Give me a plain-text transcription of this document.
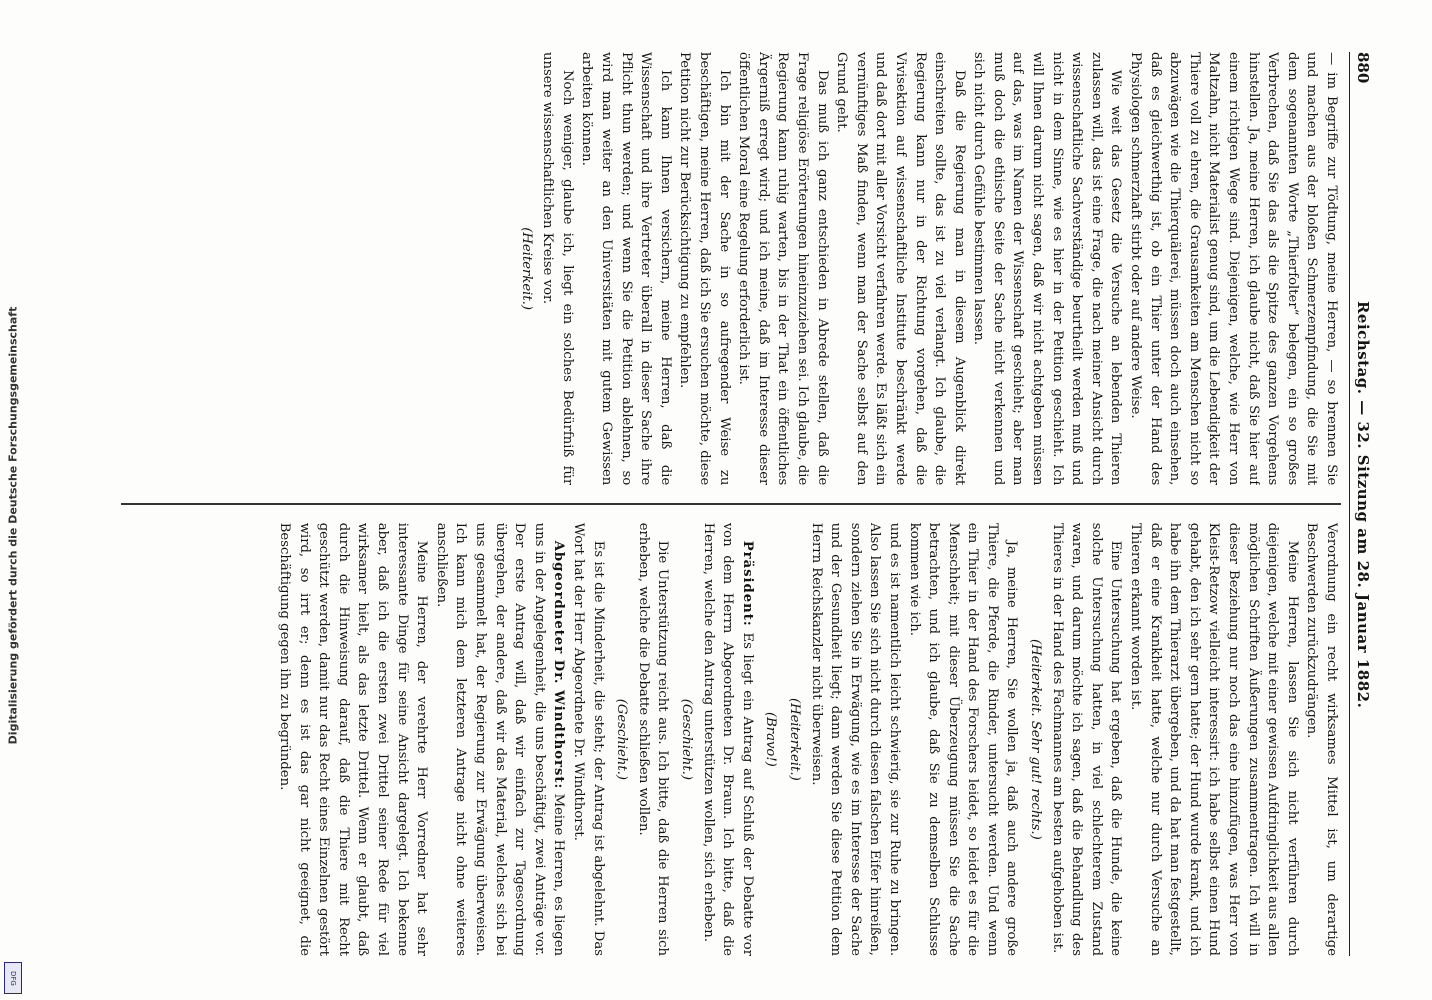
880
Reichstag. — 32. Sitzung am 28. Januar 1882.

— im Begriffe zur Tödtung, meine Herren, — so brennen Sie und machen aus der bloßen Schmerzempfindung, die Sie mit dem sogenannten Worte „Thierfolter“ belegen, ein so großes Verbrechen, daß Sie das als die Spitze des ganzen Vorgehens hinstellen. Ja, meine Herren, ich glaube nicht, daß Sie hier auf einem richtigen Wege sind. Diejenigen, welche, wie Herr von Maltzahn, nicht Materialist genug sind, um die Lebendigkeit der Thiere voll zu ehren, die Grausamkeiten am Menschen nicht so abzuwägen wie die Thierquälerei, müssen doch auch einsehen, daß es gleichwerthig ist, ob ein Thier unter der Hand des Physiologen schmerzhaft stirbt oder auf andere Weise.

Wie weit das Gesetz die Versuche an lebenden Thieren zulassen will, das ist eine Frage, die nach meiner Ansicht durch wissenschaftliche Sachverständige beurtheilt werden muß und nicht in dem Sinne, wie es hier in der Petition geschieht. Ich will Ihnen darum nicht sagen, daß wir nicht achtgeben müssen auf das, was im Namen der Wissenschaft geschieht; aber man muß doch die ethische Seite der Sache nicht verkennen und sich nicht durch Gefühle bestimmen lassen.

Daß die Regierung man in diesem Augenblick direkt einschreiten sollte, das ist zu viel verlangt. Ich glaube, die Regierung kann nur in der Richtung vorgehen, daß die Vivisektion auf wissenschaftliche Institute beschränkt werde und daß dort mit aller Vorsicht verfahren werde. Es läßt sich ein vernünftiges Maß finden, wenn man der Sache selbst auf den Grund geht.

Das muß ich ganz entschieden in Abrede stellen, daß die Frage religiöse Erörterungen hineinzuziehen sei. Ich glaube, die Regierung kann ruhig warten, bis in der That ein öffentliches Ärgerniß erregt wird; und ich meine, daß im Interesse dieser öffentlichen Moral eine Regelung erforderlich ist.

Ich bin mit der Sache in so aufregender Weise zu beschäftigen, meine Herren, daß ich Sie ersuchen möchte, diese Petition nicht zur Berücksichtigung zu empfehlen.

Ich kann Ihnen versichern, meine Herren, daß die Wissenschaft und ihre Vertreter überall in dieser Sache ihre Pflicht thun werden; und wenn Sie die Petition ablehnen, so wird man weiter an den Universitäten mit gutem Gewissen arbeiten können.

Noch weniger, glaube ich, liegt ein solches Bedürfniß für unsere wissenschaftlichen Kreise vor.

(Heiterkeit.)

Verordnung ein recht wirksames Mittel ist, um derartige Beschwerden zurückzudrängen.

Meine Herren, lassen Sie sich nicht verführen durch diejenigen, welche mit einer gewissen Aufdringlichkeit aus allen möglichen Schriften Äußerungen zusammentragen. Ich will in dieser Beziehung nur noch das eine hinzufügen, was Herr von Kleist-Retzow vielleicht interessirt: ich habe selbst einen Hund gehabt, den ich sehr gern hatte; der Hund wurde krank, und ich habe ihn dem Thierarzt übergeben, und da hat man festgestellt, daß er eine Krankheit hatte, welche nur durch Versuche an Thieren erkannt worden ist.

Eine Untersuchung hat ergeben, daß die Hunde, die keine solche Untersuchung hatten, in viel schlechterem Zustand waren, und darum möchte ich sagen, daß die Behandlung des Thieres in der Hand des Fachmannes am besten aufgehoben ist.

(Heiterkeit. Sehr gut! rechts.)

Ja, meine Herren, Sie wollen ja, daß auch andere große Thiere, die Pferde, die Rinder, untersucht werden. Und wenn ein Thier in der Hand des Forschers leidet, so leidet es für die Menschheit; mit dieser Überzeugung müssen Sie die Sache betrachten, und ich glaube, daß Sie zu demselben Schlusse kommen wie ich.

und es ist namentlich leicht schwierig, sie zur Ruhe zu bringen. Also lassen Sie sich nicht durch diesen falschen Eifer hinreißen, sondern ziehen Sie in Erwägung, wie es im Interesse der Sache und der Gesundheit liegt; dann werden Sie diese Petition dem Herrn Reichskanzler nicht überweisen.

(Heiterkeit.)

(Bravo!)

Präsident: Es liegt ein Antrag auf Schluß der Debatte vor von dem Herrn Abgeordneten Dr. Braun. Ich bitte, daß die Herren, welche den Antrag unterstützen wollen, sich erheben.

(Geschieht.)

Die Unterstützung reicht aus. Ich bitte, daß die Herren sich erheben, welche die Debatte schließen wollen.

(Geschieht.)

Es ist die Minderheit, die steht; der Antrag ist abgelehnt. Das Wort hat der Herr Abgeordnete Dr. Windthorst.

Abgeordneter Dr. Windthorst: Meine Herren, es liegen uns in der Angelegenheit, die uns beschäftigt, zwei Anträge vor. Der erste Antrag will, daß wir einfach zur Tagesordnung übergehen, der andere, daß wir das Material, welches sich bei uns gesammelt hat, der Regierung zur Erwägung überweisen. Ich kann mich dem letzteren Antrage nicht ohne weiteres anschließen.

Meine Herren, der verehrte Herr Vorredner hat sehr interessante Dinge für seine Ansicht dargelegt. Ich bekenne aber, daß ich die ersten zwei Drittel seiner Rede für viel wirksamer hielt, als das letzte Drittel. Wenn er glaubt, daß durch die Hinweisung darauf, daß die Thiere mit Recht geschützt werden, damit nur das Recht eines Einzelnen gestört wird, so irrt er; denn es ist das gar nicht geeignet, die Beschäftigung gegen ihn zu begründen.

Digitalisierung gefördert durch die Deutsche Forschungsgemeinschaft
DFG
